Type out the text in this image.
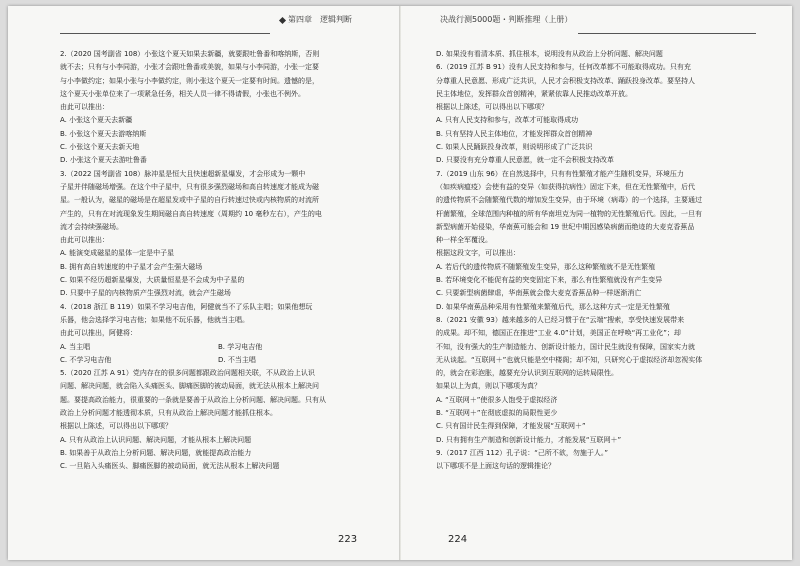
第四章 逻辑判断
2.（2020 国考副省 108）小张这个夏天如果去新疆，就要跟吐鲁番和喀纳斯，否则
就不去；只有与小李同游，小张才会跟吐鲁番或美貌，如果与小李同游，小张一定要
与小李做约定；如果小张与小李做约定，则小张这个夏天一定要有时间。遗憾的是，
这个夏天小张单位来了一项紧急任务，相关人员一律不得请假，小张也不例外。
由此可以推出：
A. 小张这个夏天去新疆
B. 小张这个夏天去游喀纳斯
C. 小张这个夏天去新天地
D. 小张这个夏天去游吐鲁番
3.（2022 国考副省 108）脉冲星是恒大且快速超新星爆发，才会形成为一颗中
子星并伴随磁场增强。在这个中子星中，只有很多强烈磁场和高自转速度才能成为磁
星。一般认为，磁星的磁场是在超星发或中子星的自行转速过快或内核物质的对流所
产生的，只有在对流现象发生期间磁自高自转速度（周期约 10 毫秒左右），产生的电
流才会持续强磁场。
由此可以推出：
A. 能演变成磁星的星体一定是中子星
B. 拥有高自转速度的中子星才会产生强大磁场
C. 如果不经历超新星爆发，大质量恒星是不会成为中子星的
D. 只要中子星的内核物质产生强烈对流，就会产生磁场
4.（2018 浙江 B 119）如果不学习电吉他，阿健就当不了乐队主唱；如果他想玩
乐器，他会选择学习电吉他；如果他不玩乐器，他就当主唱。
由此可以推出，阿健将：
A. 当主唱	B. 学习电吉他
C. 不学习电吉他	D. 不当主唱
5.（2020 江苏 A 91）党内存在的很多问题都跟政治问题相关联，不从政治上认识
问题、解决问题，就会陷入头痛医头、脚痛医脚的被动局面，就无法从根本上解决问
题。要提高政治能力，很重要的一条就是要善于从政治上分析问题、解决问题。只有从
政治上分析问题才能透彻本质，只有从政治上解决问题才能抓住根本。
根据以上陈述，可以得出以下哪项？
A. 只有从政治上认识问题、解决问题，才能从根本上解决问题
B. 如果善于从政治上分析问题、解决问题，就能提高政治能力
C. 一旦陷入头痛医头、脚痛医脚的被动局面，就无法从根本上解决问题
223
决战行测5000题・判断推理（上册）
D. 如果没有看清本质、抓住根本，说明没有从政治上分析问题、解决问题
6.（2019 江苏 B 91）没有人民支持和参与，任何改革都不可能取得成功。只有充
分尊重人民意愿、形成广泛共识，人民才会积极支持改革、踊跃投身改革。要坚持人
民主体地位，发挥群众首创精神，紧紧依靠人民推动改革开放。
根据以上陈述，可以得出以下哪项？
A. 只有人民支持和参与，改革才可能取得成功
B. 只有坚持人民主体地位，才能发挥群众首创精神
C. 如果人民踊跃投身改革，则说明形成了广泛共识
D. 只要没有充分尊重人民意愿，就一定不会积极支持改革
7.（2019 山东 96）在自然选择中，只有有性繁殖才能产生随机变异，环境压力
（如疾病瘟疫）会使有益的变异（如获得抗病性）固定下来，但在无性繁殖中，后代
的遗传物质不会随繁殖代数的增加发生变异，由于环境（病毒）的一个选择，主要通过
杆菌繁殖，全球范围内种植的所有华南坦克为同一植物的无性繁殖后代。因此，一旦有
新型病菌开始侵染，华南蕉可能会和 19 世纪中期因感染病菌而绝迹的大麦克香蕉品
种一样全军覆没。
根据这段文字，可以推出：
A. 若后代的遗传物质不随繁殖发生变异，那么这种繁殖就不是无性繁殖
B. 若环境变化不能促有益的突变固定下来，那么有性繁殖就没有产生变异
C. 只要新型病菌肆虐，华南蕉就会像大麦克香蕉品种一样逐渐消亡
D. 如果华南蕉品种采用有性繁殖来繁殖后代，那么这种方式一定是无性繁殖
8.（2021 安徽 93）越来越多的人已经习惯于在“云端”搜索，享受快速发展带来
的成果。却不知，德国正在推进“工业 4.0”计划，美国正在呼唤“再工业化”；却
不知，没有强大的生产制造能力、创新设计能力，国计民生就没有保障，国家实力就
无从谈起。“互联网＋”也就只能是空中楼阁；却不知，只研究心于虚拟经济却忽视实体
的，就会在彩泡胀，越要充分认识到互联网的运转局限性。
如果以上为真，则以下哪项为真？
A. “互联网＋”使很多人饱受于虚拟经济
B. “互联网＋”在彻底虚拟的局限性更少
C. 只有国计民生得到保障，才能发展“互联网＋”
D. 只有拥有生产制造和创新设计能力，才能发展“互联网＋”
9.（2017 江西 112）孔子说：“己所不欲，勿施于人。”
以下哪项不是上面这句话的逻辑推论？
224
